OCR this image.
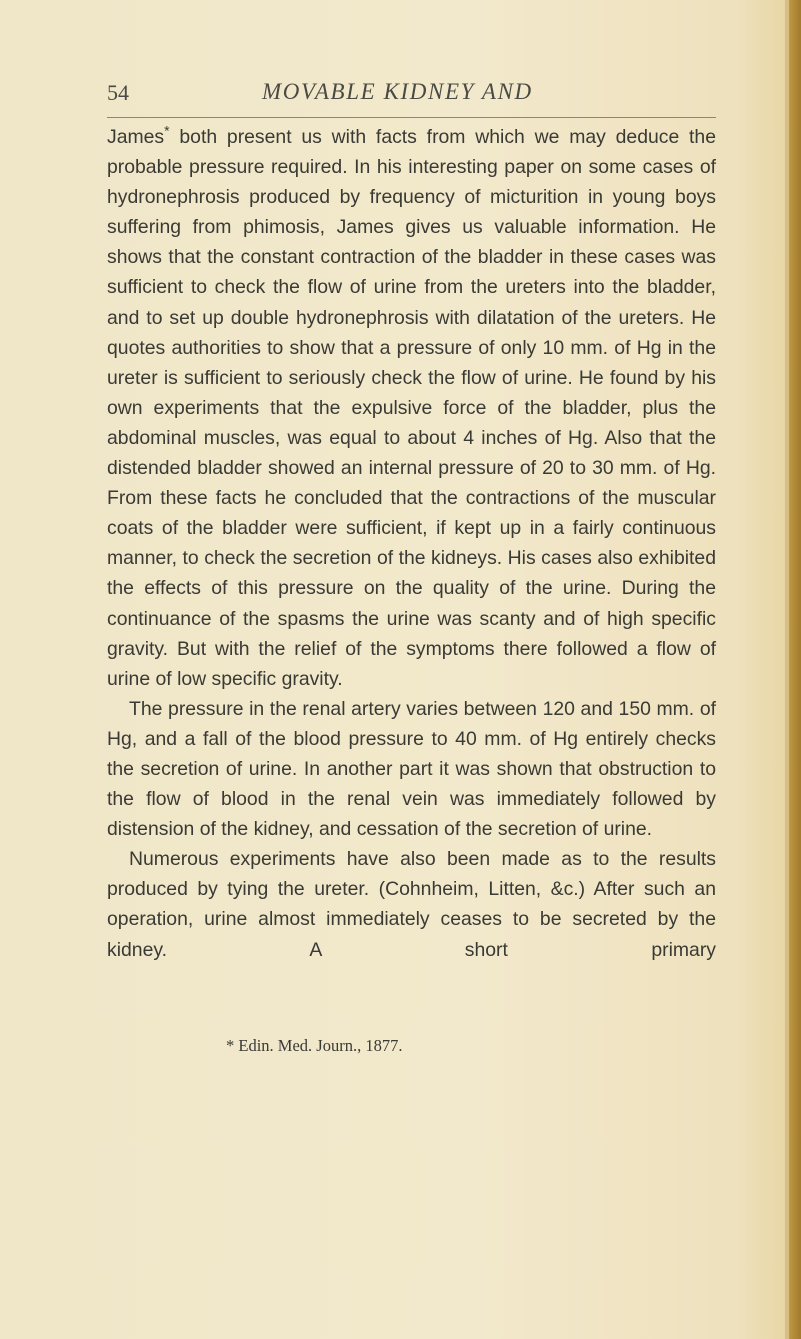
54	MOVABLE KIDNEY AND

James* both present us with facts from which we may deduce the probable pressure required. In his interesting paper on some cases of hydronephrosis produced by frequency of micturition in young boys suffering from phimosis, James gives us valuable information. He shows that the constant contraction of the bladder in these cases was sufficient to check the flow of urine from the ureters into the bladder, and to set up double hydronephrosis with dilatation of the ureters. He quotes authorities to show that a pressure of only 10 mm. of Hg in the ureter is sufficient to seriously check the flow of urine. He found by his own experiments that the expulsive force of the bladder, plus the abdominal muscles, was equal to about 4 inches of Hg. Also that the distended bladder showed an internal pressure of 20 to 30 mm. of Hg. From these facts he concluded that the contractions of the muscular coats of the bladder were sufficient, if kept up in a fairly continuous manner, to check the secretion of the kidneys. His cases also exhibited the effects of this pressure on the quality of the urine. During the continuance of the spasms the urine was scanty and of high specific gravity. But with the relief of the symptoms there followed a flow of urine of low specific gravity.

The pressure in the renal artery varies between 120 and 150 mm. of Hg, and a fall of the blood pressure to 40 mm. of Hg entirely checks the secretion of urine. In another part it was shown that obstruction to the flow of blood in the renal vein was immediately followed by distension of the kidney, and cessation of the secretion of urine.

Numerous experiments have also been made as to the results produced by tying the ureter. (Cohnheim, Litten, &c.) After such an operation, urine almost immediately ceases to be secreted by the kidney. A short primary

* Edin. Med. Journ., 1877.
